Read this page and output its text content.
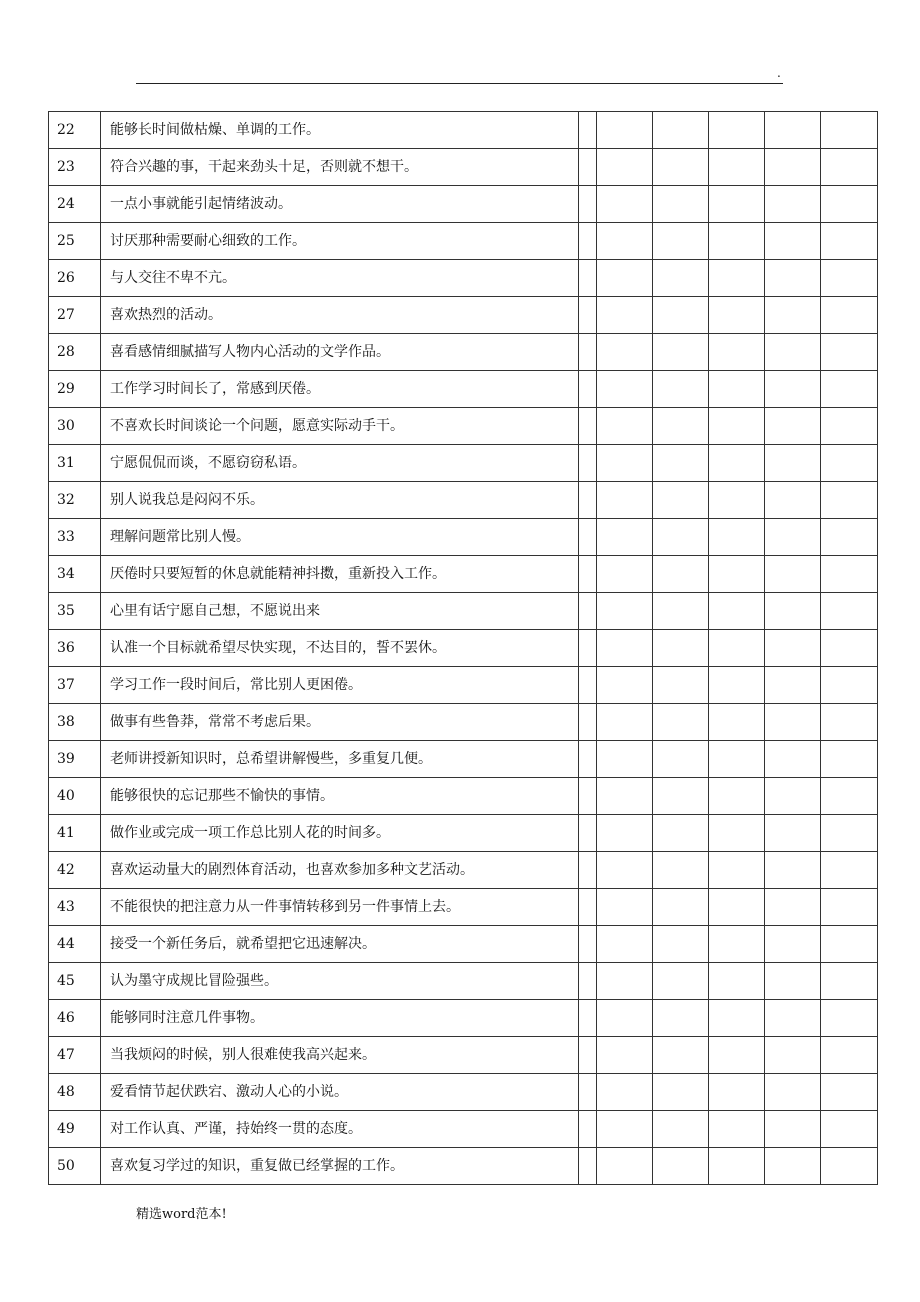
.
22	能够长时间做枯燥、单调的工作。						
23	符合兴趣的事，干起来劲头十足，否则就不想干。						
24	一点小事就能引起情绪波动。						
25	讨厌那种需要耐心细致的工作。						
26	与人交往不卑不亢。						
27	喜欢热烈的活动。						
28	喜看感情细腻描写人物内心活动的文学作品。						
29	工作学习时间长了，常感到厌倦。						
30	不喜欢长时间谈论一个问题，愿意实际动手干。						
31	宁愿侃侃而谈，不愿窃窃私语。						
32	别人说我总是闷闷不乐。						
33	理解问题常比别人慢。						
34	厌倦时只要短暂的休息就能精神抖擞，重新投入工作。						
35	心里有话宁愿自己想，不愿说出来						
36	认准一个目标就希望尽快实现，不达目的，誓不罢休。						
37	学习工作一段时间后，常比别人更困倦。						
38	做事有些鲁莽，常常不考虑后果。						
39	老师讲授新知识时，总希望讲解慢些，多重复几便。						
40	能够很快的忘记那些不愉快的事情。						
41	做作业或完成一项工作总比别人花的时间多。						
42	喜欢运动量大的剧烈体育活动，也喜欢参加多种文艺活动。						
43	不能很快的把注意力从一件事情转移到另一件事情上去。						
44	接受一个新任务后，就希望把它迅速解决。						
45	认为墨守成规比冒险强些。						
46	能够同时注意几件事物。						
47	当我烦闷的时候，别人很难使我高兴起来。						
48	爱看情节起伏跌宕、激动人心的小说。						
49	对工作认真、严谨，持始终一贯的态度。						
50	喜欢复习学过的知识，重复做已经掌握的工作。						
精选word范本!
